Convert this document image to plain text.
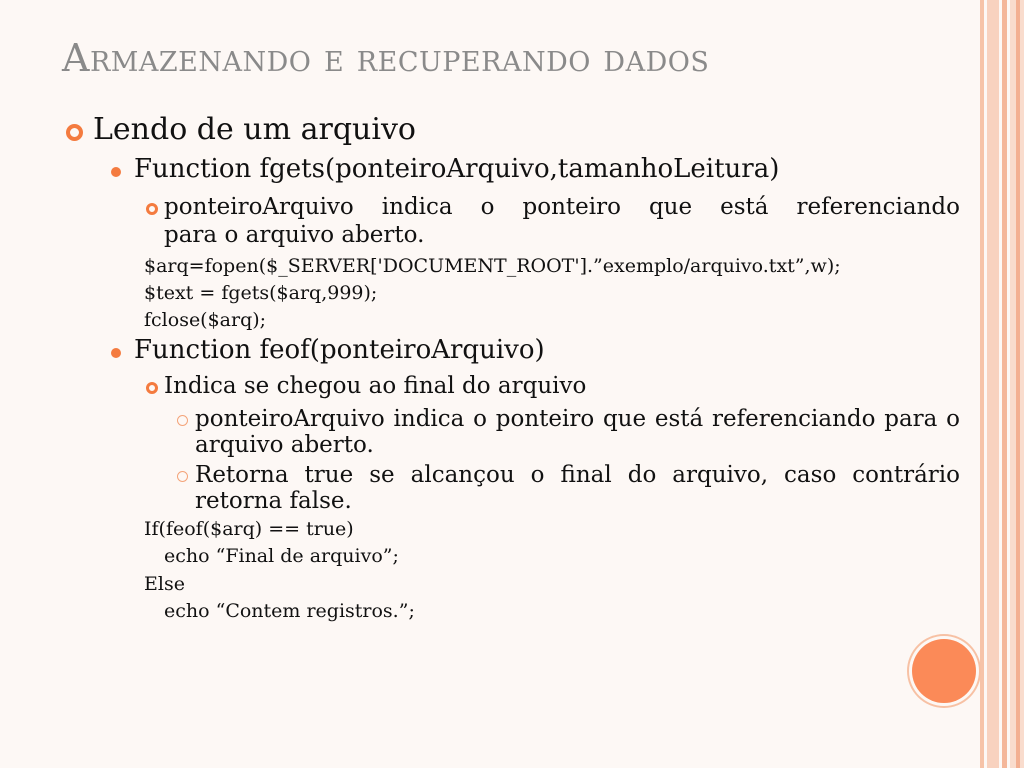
Armazenando e recuperando dados
Lendo de um arquivo
Function fgets(ponteiroArquivo,tamanhoLeitura)
ponteiroArquivo indica o ponteiro que está referenciando
para o arquivo aberto.
$arq=fopen($_SERVER['DOCUMENT_ROOT'].”exemplo/arquivo.txt”,w);
$text = fgets($arq,999);
fclose($arq);
Function feof(ponteiroArquivo)
Indica se chegou ao final do arquivo
ponteiroArquivo indica o ponteiro que está referenciando para o
arquivo aberto.
Retorna true se alcançou o final do arquivo, caso contrário
retorna false.
If(feof($arq) == true)
echo “Final de arquivo”;
Else
echo “Contem registros.”;
